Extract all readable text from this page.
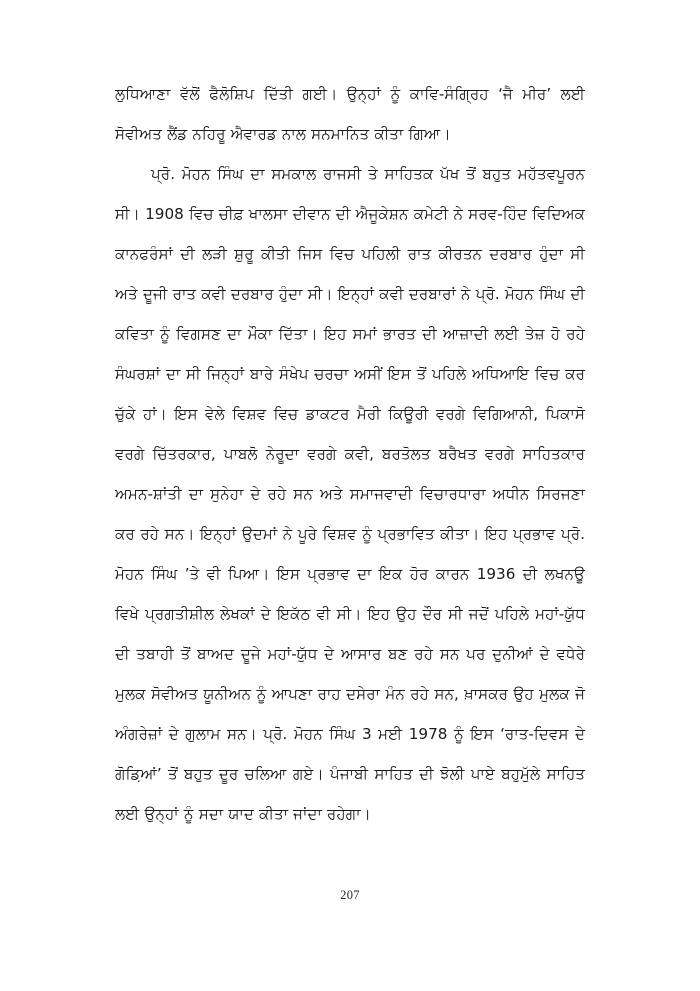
ਲੁਧਿਆਣਾ ਵੱਲੋਂ ਫੈਲੋਸ਼ਿਪ ਦਿੱਤੀ ਗਈ। ਉਨ੍ਹਾਂ ਨੂੰ ਕਾਵਿ-ਸੰਗ੍ਰਿਹ ‘ਜੈ ਮੀਰ’ ਲਈ ਸੋਵੀਅਤ ਲੈਂਡ ਨਹਿਰੂ ਐਵਾਰਡ ਨਾਲ ਸਨਮਾਨਿਤ ਕੀਤਾ ਗਿਆ।

ਪ੍ਰੋ. ਮੋਹਨ ਸਿੰਘ ਦਾ ਸਮਕਾਲ ਰਾਜਸੀ ਤੇ ਸਾਹਿਤਕ ਪੱਖ ਤੋਂ ਬਹੁਤ ਮਹੱਤਵਪੂਰਨ ਸੀ। 1908 ਵਿਚ ਚੀਫ਼ ਖਾਲਸਾ ਦੀਵਾਨ ਦੀ ਐਜੂਕੇਸ਼ਨ ਕਮੇਟੀ ਨੇ ਸਰਵ-ਹਿੰਦ ਵਿਦਿਅਕ ਕਾਨਫਰੰਸਾਂ ਦੀ ਲੜੀ ਸ਼ੁਰੂ ਕੀਤੀ ਜਿਸ ਵਿਚ ਪਹਿਲੀ ਰਾਤ ਕੀਰਤਨ ਦਰਬਾਰ ਹੁੰਦਾ ਸੀ ਅਤੇ ਦੂਜੀ ਰਾਤ ਕਵੀ ਦਰਬਾਰ ਹੁੰਦਾ ਸੀ। ਇਨ੍ਹਾਂ ਕਵੀ ਦਰਬਾਰਾਂ ਨੇ ਪ੍ਰੋ. ਮੋਹਨ ਸਿੰਘ ਦੀ ਕਵਿਤਾ ਨੂੰ ਵਿਗਸਣ ਦਾ ਮੌਕਾ ਦਿੱਤਾ। ਇਹ ਸਮਾਂ ਭਾਰਤ ਦੀ ਆਜ਼ਾਦੀ ਲਈ ਤੇਜ਼ ਹੋ ਰਹੇ ਸੰਘਰਸ਼ਾਂ ਦਾ ਸੀ ਜਿਨ੍ਹਾਂ ਬਾਰੇ ਸੰਖੇਪ ਚਰਚਾ ਅਸੀਂ ਇਸ ਤੋਂ ਪਹਿਲੇ ਅਧਿਆਇ ਵਿਚ ਕਰ ਚੁੱਕੇ ਹਾਂ। ਇਸ ਵੇਲੇ ਵਿਸ਼ਵ ਵਿਚ ਡਾਕਟਰ ਮੈਰੀ ਕਿਊਰੀ ਵਰਗੇ ਵਿਗਿਆਨੀ, ਪਿਕਾਸੋ ਵਰਗੇ ਚਿੱਤਰਕਾਰ, ਪਾਬਲੋ ਨੇਰੂਦਾ ਵਰਗੇ ਕਵੀ, ਬਰਤੋਲਤ ਬਰੈਖਤ ਵਰਗੇ ਸਾਹਿਤਕਾਰ ਅਮਨ-ਸ਼ਾਂਤੀ ਦਾ ਸੁਨੇਹਾ ਦੇ ਰਹੇ ਸਨ ਅਤੇ ਸਮਾਜਵਾਦੀ ਵਿਚਾਰਧਾਰਾ ਅਧੀਨ ਸਿਰਜਣਾ ਕਰ ਰਹੇ ਸਨ। ਇਨ੍ਹਾਂ ਉਦਮਾਂ ਨੇ ਪੂਰੇ ਵਿਸ਼ਵ ਨੂੰ ਪ੍ਰਭਾਵਿਤ ਕੀਤਾ। ਇਹ ਪ੍ਰਭਾਵ ਪ੍ਰੋ. ਮੋਹਨ ਸਿੰਘ ’ਤੇ ਵੀ ਪਿਆ। ਇਸ ਪ੍ਰਭਾਵ ਦਾ ਇਕ ਹੋਰ ਕਾਰਨ 1936 ਦੀ ਲਖਨਊ ਵਿਖੇ ਪ੍ਰਗਤੀਸ਼ੀਲ ਲੇਖਕਾਂ ਦੇ ਇਕੱਠ ਵੀ ਸੀ। ਇਹ ਉਹ ਦੌਰ ਸੀ ਜਦੋਂ ਪਹਿਲੇ ਮਹਾਂ-ਯੁੱਧ ਦੀ ਤਬਾਹੀ ਤੋਂ ਬਾਅਦ ਦੂਜੇ ਮਹਾਂ-ਯੁੱਧ ਦੇ ਆਸਾਰ ਬਣ ਰਹੇ ਸਨ ਪਰ ਦੁਨੀਆਂ ਦੇ ਵਧੇਰੇ ਮੁਲਕ ਸੋਵੀਅਤ ਯੂਨੀਅਨ ਨੂੰ ਆਪਣਾ ਰਾਹ ਦਸੇਰਾ ਮੰਨ ਰਹੇ ਸਨ, ਖ਼ਾਸਕਰ ਉਹ ਮੁਲਕ ਜੋ ਅੰਗਰੇਜ਼ਾਂ ਦੇ ਗੁਲਾਮ ਸਨ। ਪ੍ਰੋ. ਮੋਹਨ ਸਿੰਘ 3 ਮਈ 1978 ਨੂੰ ਇਸ ‘ਰਾਤ-ਦਿਵਸ ਦੇ ਗੋਡ਼ਿਆਂ’ ਤੋਂ ਬਹੁਤ ਦੂਰ ਚਲਿਆ ਗਏ। ਪੰਜਾਬੀ ਸਾਹਿਤ ਦੀ ਝੋਲੀ ਪਾਏ ਬਹੁਮੁੱਲੇ ਸਾਹਿਤ ਲਈ ਉਨ੍ਹਾਂ ਨੂੰ ਸਦਾ ਯਾਦ ਕੀਤਾ ਜਾਂਦਾ ਰਹੇਗਾ।

207
